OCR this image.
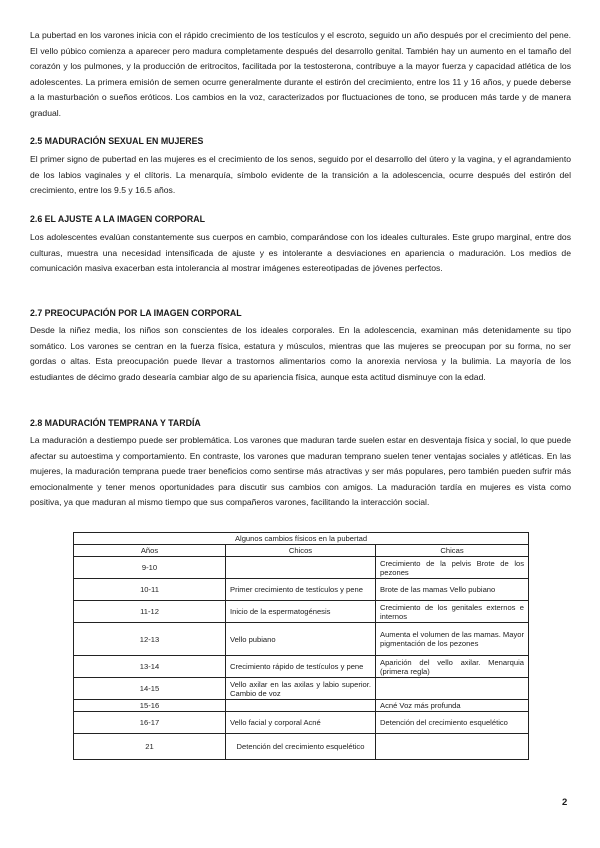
La pubertad en los varones inicia con el rápido crecimiento de los testículos y el escroto, seguido un año después por el crecimiento del pene. El vello púbico comienza a aparecer pero madura completamente después del desarrollo genital. También hay un aumento en el tamaño del corazón y los pulmones, y la producción de eritrocitos, facilitada por la testosterona, contribuye a la mayor fuerza y capacidad atlética de los adolescentes. La primera emisión de semen ocurre generalmente durante el estirón del crecimiento, entre los 11 y 16 años, y puede deberse a la masturbación o sueños eróticos. Los cambios en la voz, caracterizados por fluctuaciones de tono, se producen más tarde y de manera gradual.

2.5 MADURACIÓN SEXUAL EN MUJERES

El primer signo de pubertad en las mujeres es el crecimiento de los senos, seguido por el desarrollo del útero y la vagina, y el agrandamiento de los labios vaginales y el clítoris. La menarquía, símbolo evidente de la transición a la adolescencia, ocurre después del estirón del crecimiento, entre los 9.5 y 16.5 años.

2.6 EL AJUSTE A LA IMAGEN CORPORAL

Los adolescentes evalúan constantemente sus cuerpos en cambio, comparándose con los ideales culturales. Este grupo marginal, entre dos culturas, muestra una necesidad intensificada de ajuste y es intolerante a desviaciones en apariencia o maduración. Los medios de comunicación masiva exacerban esta intolerancia al mostrar imágenes estereotipadas de jóvenes perfectos.

2.7 PREOCUPACIÓN POR LA IMAGEN CORPORAL

Desde la niñez media, los niños son conscientes de los ideales corporales. En la adolescencia, examinan más detenidamente su tipo somático. Los varones se centran en la fuerza física, estatura y músculos, mientras que las mujeres se preocupan por su forma, no ser gordas o altas. Esta preocupación puede llevar a trastornos alimentarios como la anorexia nerviosa y la bulimia. La mayoría de los estudiantes de décimo grado desearía cambiar algo de su apariencia física, aunque esta actitud disminuye con la edad.

2.8 MADURACIÓN TEMPRANA Y TARDÍA

La maduración a destiempo puede ser problemática. Los varones que maduran tarde suelen estar en desventaja física y social, lo que puede afectar su autoestima y comportamiento. En contraste, los varones que maduran temprano suelen tener ventajas sociales y atléticas. En las mujeres, la maduración temprana puede traer beneficios como sentirse más atractivas y ser más populares, pero también pueden sufrir más emocionalmente y tener menos oportunidades para discutir sus cambios con amigos. La maduración tardía en mujeres es vista como positiva, ya que maduran al mismo tiempo que sus compañeros varones, facilitando la interacción social.

Algunos cambios físicos en la pubertad		
Años	Chicos	Chicas
9-10		Crecimiento de la pelvis Brote de los pezones
10-11	Primer crecimiento de testículos y pene	Brote de las mamas Vello pubiano
11-12	Inicio de la espermatogénesis	Crecimiento de los genitales externos e internos
12-13	Vello pubiano	Aumenta el volumen de las mamas. Mayor pigmentación de los pezones
13-14	Crecimiento rápido de testículos y pene	Aparición del vello axilar. Menarquia (primera regla)
14-15	Vello axilar en las axilas y labio superior. Cambio de voz	
15-16		Acné Voz más profunda
16-17	Vello facial y corporal Acné	Detención del crecimiento esquelético
21	Detención del crecimiento esquelético	
2
